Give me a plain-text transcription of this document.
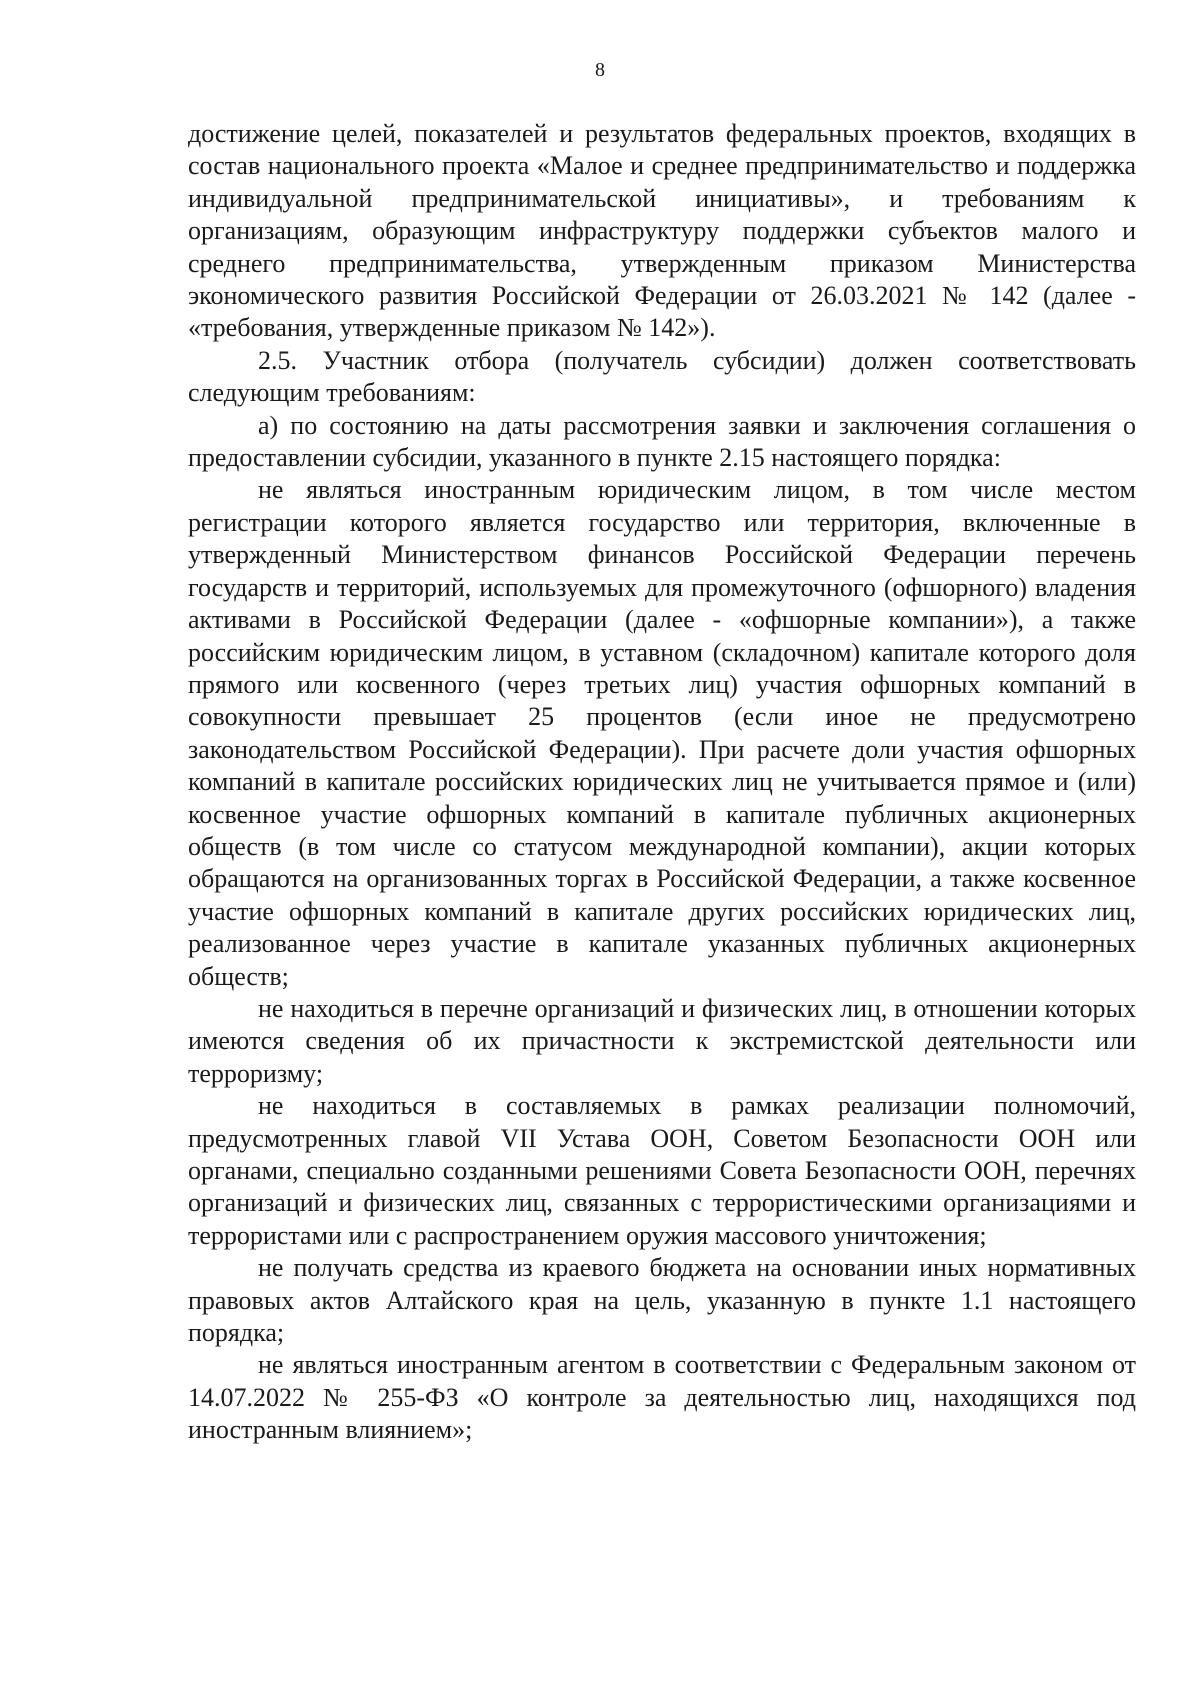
8

достижение целей, показателей и результатов федеральных проектов, входящих в состав национального проекта «Малое и среднее предпринимательство и поддержка индивидуальной предпринимательской инициативы», и требованиям к организациям, образующим инфраструктуру поддержки субъектов малого и среднего предпринимательства, утвержденным приказом Министерства экономического развития Российской Федерации от 26.03.2021 № 142 (далее - «требования, утвержденные приказом № 142»).

2.5. Участник отбора (получатель субсидии) должен соответствовать следующим требованиям:

а) по состоянию на даты рассмотрения заявки и заключения соглашения о предоставлении субсидии, указанного в пункте 2.15 настоящего порядка:

не являться иностранным юридическим лицом, в том числе местом регистрации которого является государство или территория, включенные в утвержденный Министерством финансов Российской Федерации перечень государств и территорий, используемых для промежуточного (офшорного) владения активами в Российской Федерации (далее - «офшорные компании»), а также российским юридическим лицом, в уставном (складочном) капитале которого доля прямого или косвенного (через третьих лиц) участия офшорных компаний в совокупности превышает 25 процентов (если иное не предусмотрено законодательством Российской Федерации). При расчете доли участия офшорных компаний в капитале российских юридических лиц не учитывается прямое и (или) косвенное участие офшорных компаний в капитале публичных акционерных обществ (в том числе со статусом международной компании), акции которых обращаются на организованных торгах в Российской Федерации, а также косвенное участие офшорных компаний в капитале других российских юридических лиц, реализованное через участие в капитале указанных публичных акционерных обществ;

не находиться в перечне организаций и физических лиц, в отношении которых имеются сведения об их причастности к экстремистской деятельности или терроризму;

не находиться в составляемых в рамках реализации полномочий, предусмотренных главой VII Устава ООН, Советом Безопасности ООН или органами, специально созданными решениями Совета Безопасности ООН, перечнях организаций и физических лиц, связанных с террористическими организациями и террористами или с распространением оружия массового уничтожения;

не получать средства из краевого бюджета на основании иных нормативных правовых актов Алтайского края на цель, указанную в пункте 1.1 настоящего порядка;

не являться иностранным агентом в соответствии с Федеральным законом от 14.07.2022 № 255-ФЗ «О контроле за деятельностью лиц, находящихся под иностранным влиянием»;
